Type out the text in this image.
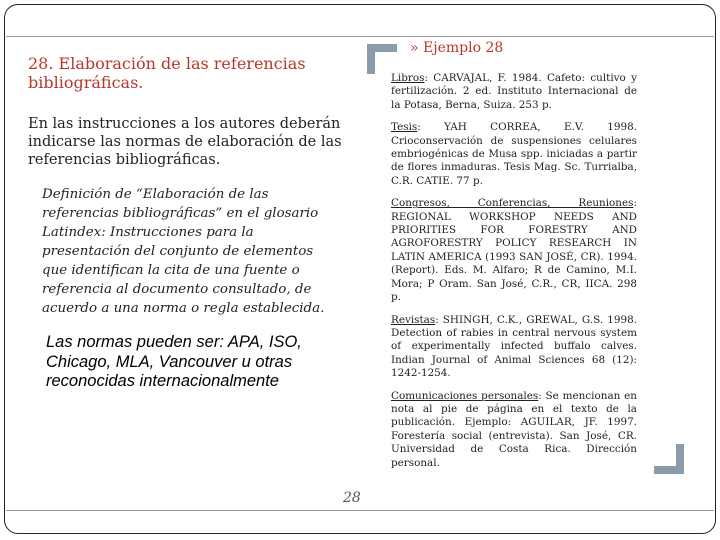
28. Elaboración de las referencias bibliográficas.
En las instrucciones a los autores deberán indicarse las normas de elaboración de las referencias bibliográficas.
Definición de “Elaboración de las referencias bibliográficas” en el glosario Latindex: Instrucciones para la presentación del conjunto de elementos que identifican la cita de una fuente o referencia al documento consultado, de acuerdo a una norma o regla establecida.
Las normas pueden ser: APA, ISO, Chicago, MLA, Vancouver u otras reconocidas internacionalmente
28
» Ejemplo 28
Libros: CARVAJAL, F. 1984. Cafeto: cultivo y fertilización. 2 ed. Instituto Internacional de la Potasa, Berna, Suiza. 253 p.
Tesis: YAH CORREA, E.V. 1998. Crioconservación de suspensiones celulares embriogénicas de Musa spp. iniciadas a partir de flores inmaduras. Tesis Mag. Sc. Turrialba, C.R. CATIE. 77 p.
Congresos, Conferencias, Reuniones: REGIONAL WORKSHOP NEEDS AND PRIORITIES FOR FORESTRY AND AGROFORESTRY POLICY RESEARCH IN LATIN AMERICA (1993 SAN JOSÉ, CR). 1994. (Report). Eds. M. Alfaro; R de Camino, M.I. Mora; P Oram. San José, C.R., CR, IICA. 298 p.
Revistas: SHINGH, C.K., GREWAL, G.S. 1998. Detection of rabies in central nervous system of experimentally infected buffalo calves. Indian Journal of Animal Sciences 68 (12): 1242-1254.
Comunicaciones personales: Se mencionan en nota al pie de página en el texto de la publicación. Ejemplo: AGUILAR, JF. 1997. Forestería social (entrevista). San José, CR. Universidad de Costa Rica. Dirección personal.
